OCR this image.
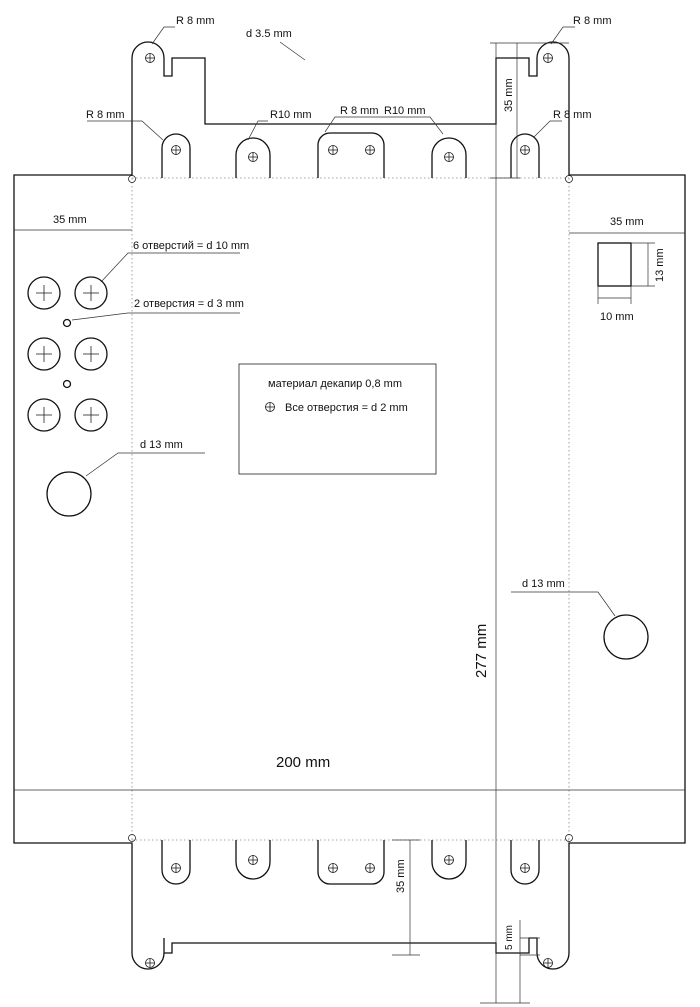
материал декапир 0,8 mm
Все отверстия = d 2 mm
R 8 mm
d 3.5 mm
R 8 mm
R 8 mm	R10 mm	R 8 mm R10 mm	R 8 mm
35 mm
35 mm
6 отверстий = d 10 mm
2 отверстия = d 3 mm
35 mm
13 mm
10 mm
d 13 mm
d 13 mm
277 mm
200 mm
35 mm
5 mm
